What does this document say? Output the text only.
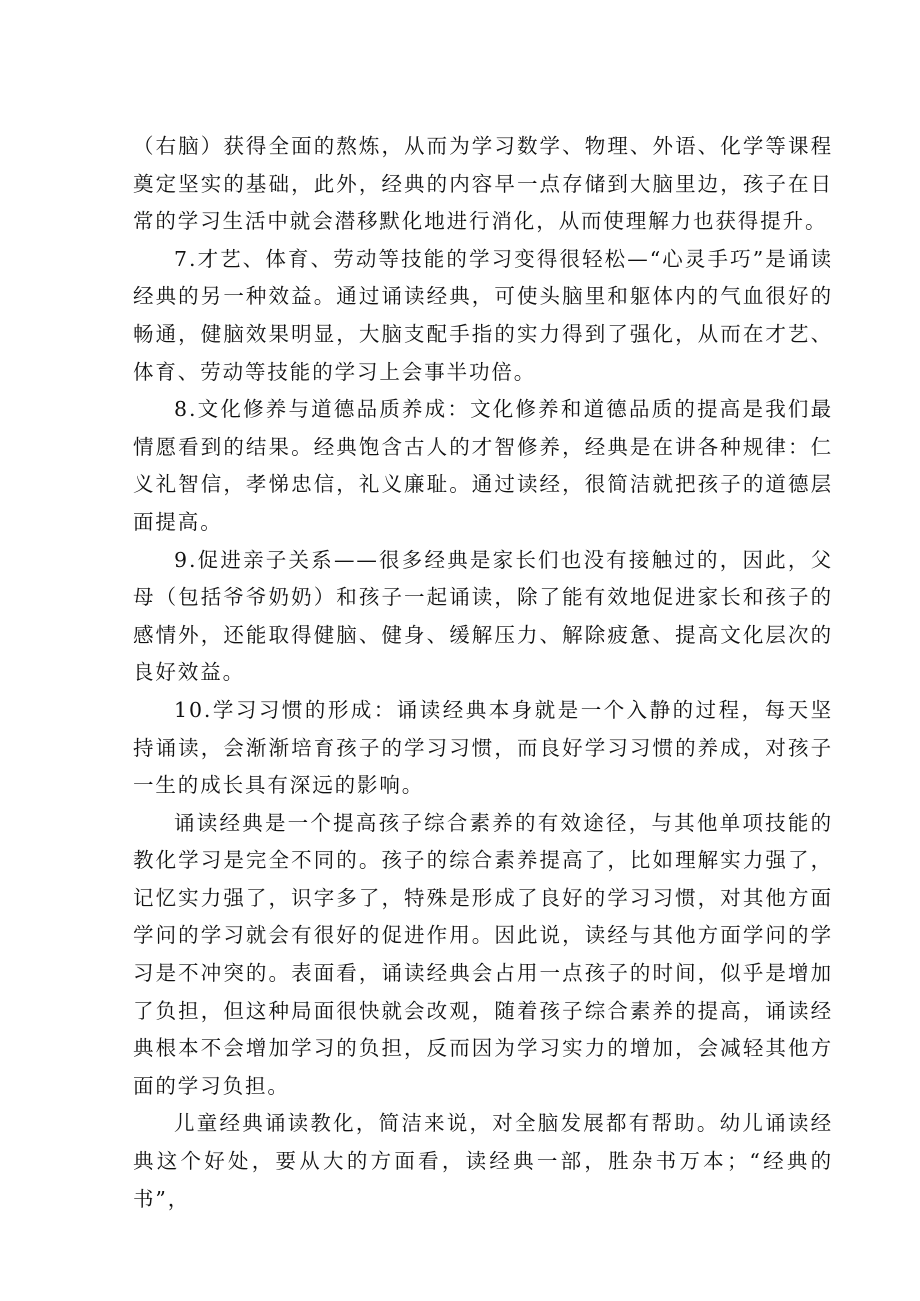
（右脑）获得全面的熬炼，从而为学习数学、物理、外语、化学等课程奠定坚实的基础，此外，经典的内容早一点存储到大脑里边，孩子在日常的学习生活中就会潜移默化地进行消化，从而使理解力也获得提升。

7.才艺、体育、劳动等技能的学习变得很轻松—“心灵手巧”是诵读经典的另一种效益。通过诵读经典，可使头脑里和躯体内的气血很好的畅通，健脑效果明显，大脑支配手指的实力得到了强化，从而在才艺、体育、劳动等技能的学习上会事半功倍。

8.文化修养与道德品质养成：文化修养和道德品质的提高是我们最情愿看到的结果。经典饱含古人的才智修养，经典是在讲各种规律：仁义礼智信，孝悌忠信，礼义廉耻。通过读经，很简洁就把孩子的道德层面提高。

9.促进亲子关系——很多经典是家长们也没有接触过的，因此，父母（包括爷爷奶奶）和孩子一起诵读，除了能有效地促进家长和孩子的感情外，还能取得健脑、健身、缓解压力、解除疲惫、提高文化层次的良好效益。

10.学习习惯的形成：诵读经典本身就是一个入静的过程，每天坚持诵读，会渐渐培育孩子的学习习惯，而良好学习习惯的养成，对孩子一生的成长具有深远的影响。

诵读经典是一个提高孩子综合素养的有效途径，与其他单项技能的教化学习是完全不同的。孩子的综合素养提高了，比如理解实力强了，记忆实力强了，识字多了，特殊是形成了良好的学习习惯，对其他方面学问的学习就会有很好的促进作用。因此说，读经与其他方面学问的学习是不冲突的。表面看，诵读经典会占用一点孩子的时间，似乎是增加了负担，但这种局面很快就会改观，随着孩子综合素养的提高，诵读经典根本不会增加学习的负担，反而因为学习实力的增加，会减轻其他方面的学习负担。

儿童经典诵读教化，简洁来说，对全脑发展都有帮助。幼儿诵读经典这个好处，要从大的方面看，读经典一部，胜杂书万本；“经典的书”，
